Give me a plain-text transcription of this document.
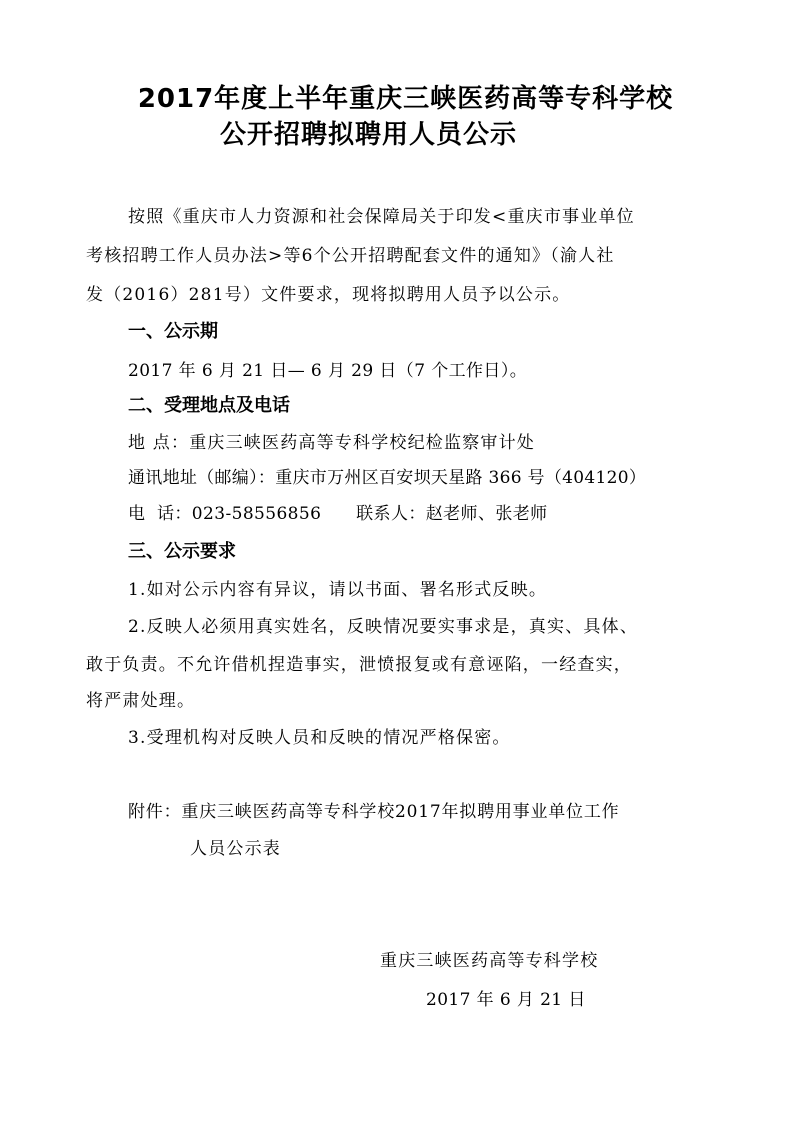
2017年度上半年重庆三峡医药高等专科学校
公开招聘拟聘用人员公示
按照《重庆市人力资源和社会保障局关于印发<重庆市事业单位
考核招聘工作人员办法>等6个公开招聘配套文件的通知》（渝人社
发（2016）281号）文件要求，现将拟聘用人员予以公示。
一、公示期
2017 年 6 月 21 日— 6 月 29 日（7 个工作日）。
二、受理地点及电话
地 点：重庆三峡医药高等专科学校纪检监察审计处
通讯地址（邮编）：重庆市万州区百安坝天星路 366 号（404120）
电  话：023-58556856      联系人：赵老师、张老师
三、公示要求
1.如对公示内容有异议，请以书面、署名形式反映。
2.反映人必须用真实姓名，反映情况要实事求是，真实、具体、
敢于负责。不允许借机捏造事实，泄愤报复或有意诬陷，一经查实，
将严肃处理。
3.受理机构对反映人员和反映的情况严格保密。
附件：重庆三峡医药高等专科学校2017年拟聘用事业单位工作
人员公示表
重庆三峡医药高等专科学校
2017 年 6 月 21 日
